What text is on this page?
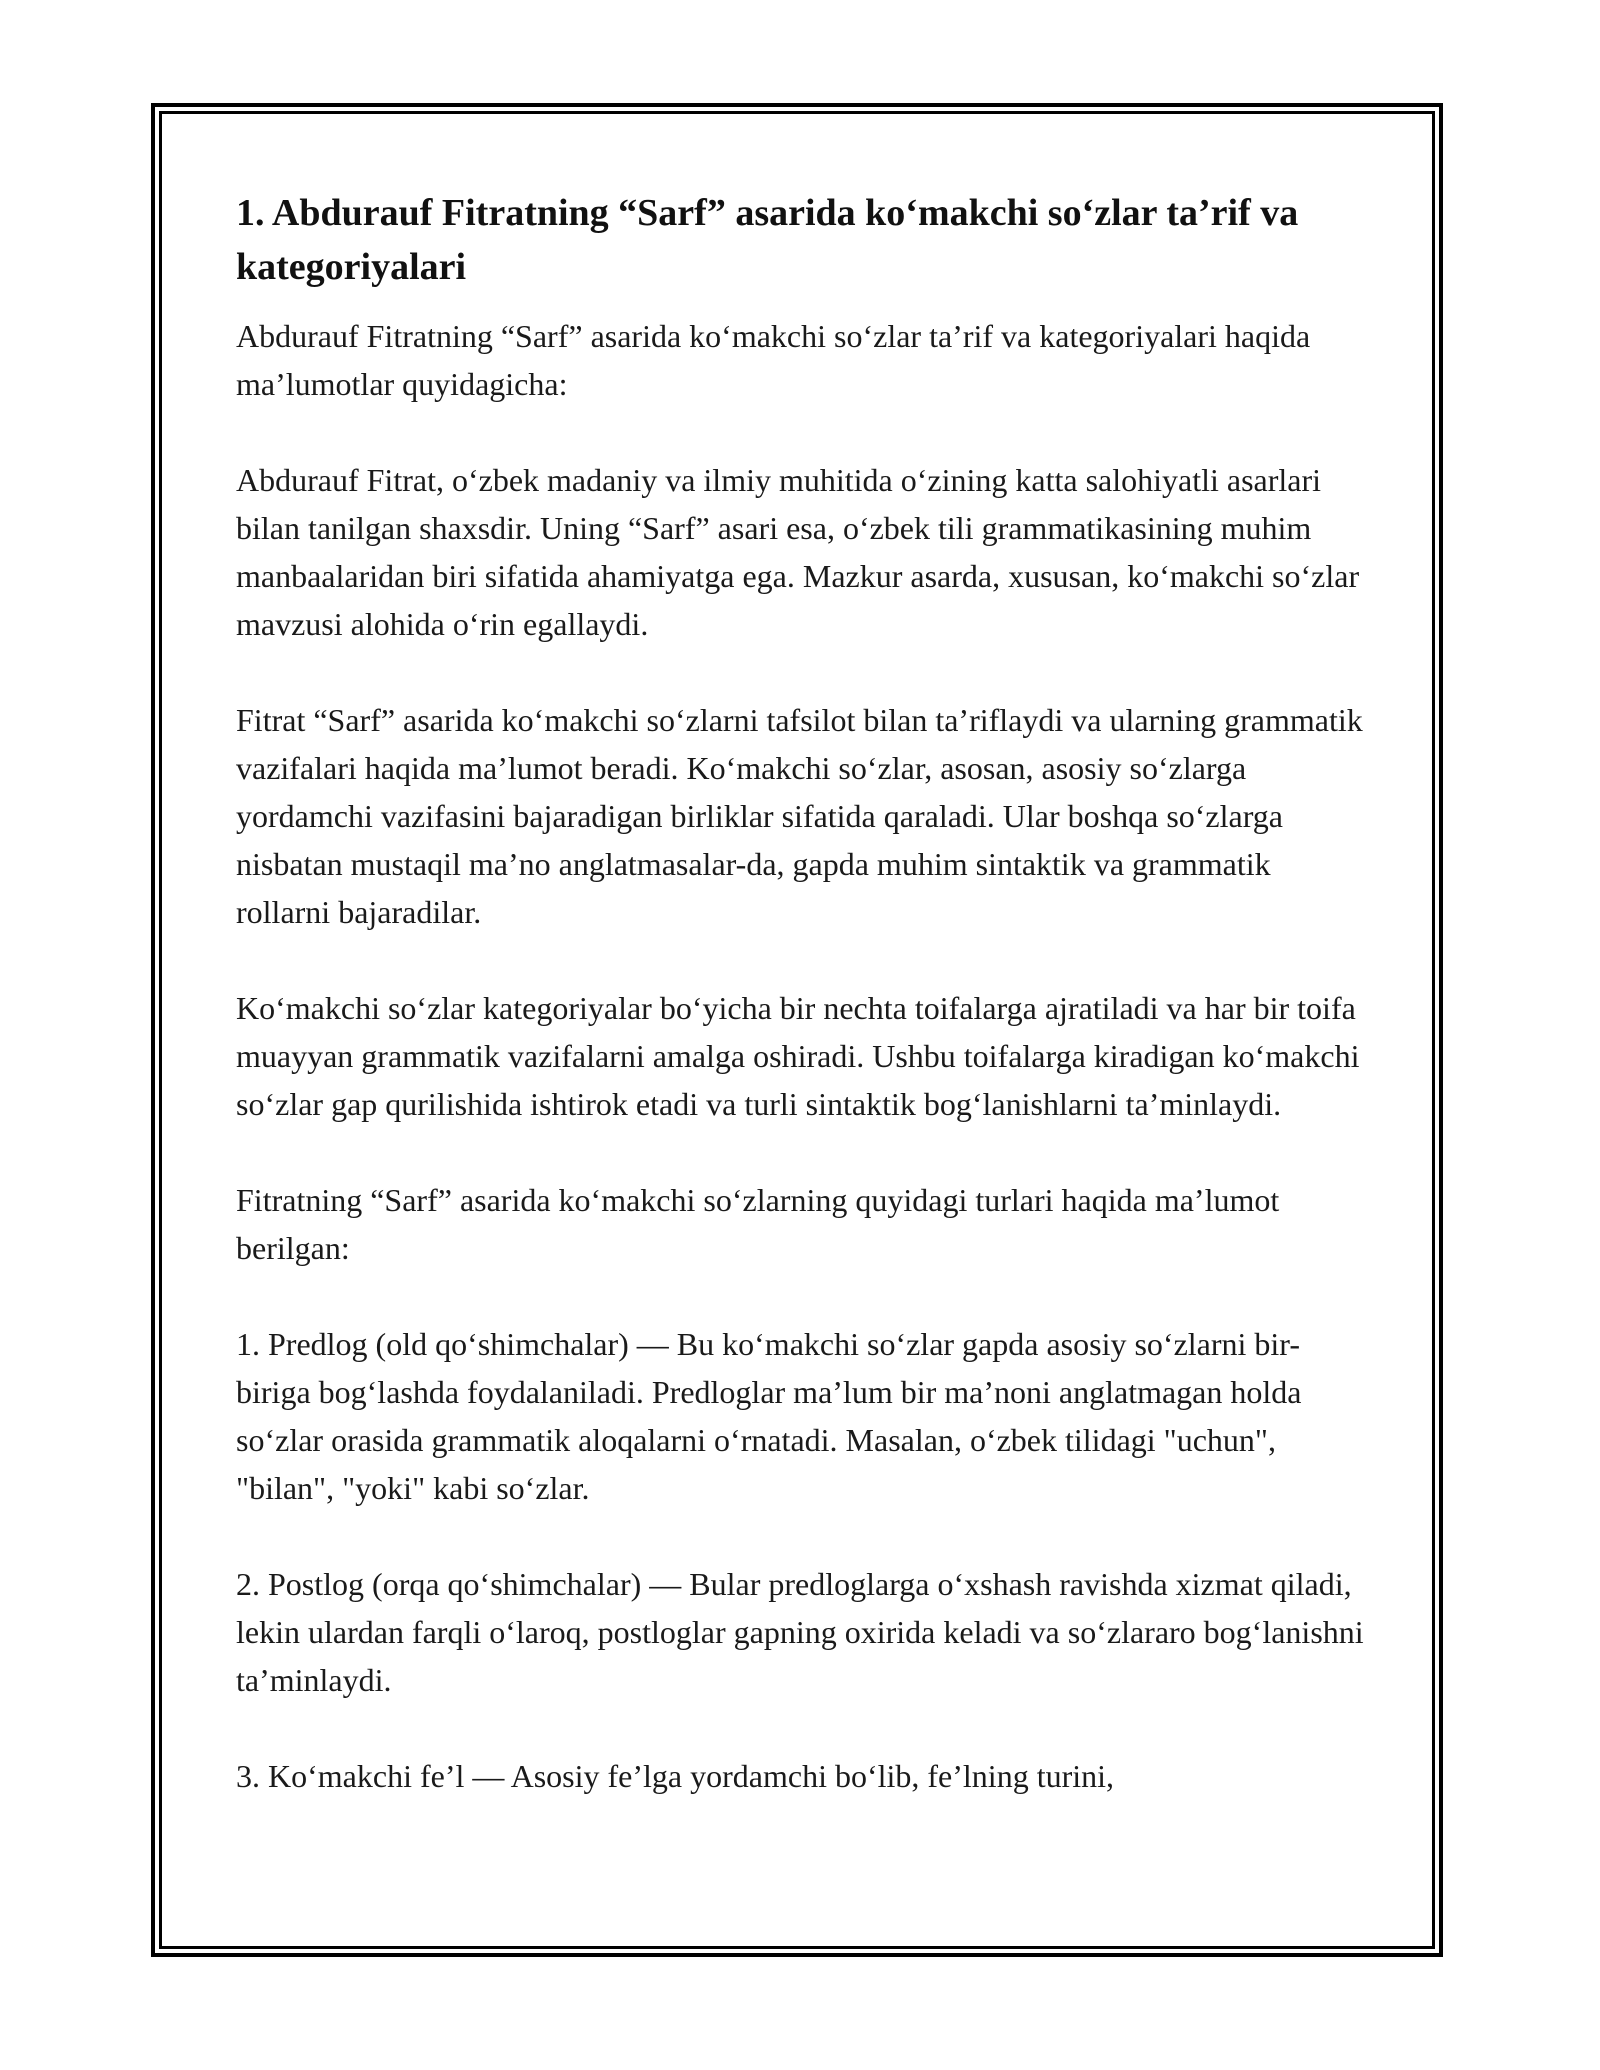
1. Abdurauf Fitratning “Sarf” asarida ko‘makchi so‘zlar ta’rif va kategoriyalari

Abdurauf Fitratning “Sarf” asarida ko‘makchi so‘zlar ta’rif va kategoriyalari haqida ma’lumotlar quyidagicha:

Abdurauf Fitrat, o‘zbek madaniy va ilmiy muhitida o‘zining katta salohiyatli asarlari bilan tanilgan shaxsdir. Uning “Sarf” asari esa, o‘zbek tili grammatikasining muhim manbaalaridan biri sifatida ahamiyatga ega. Mazkur asarda, xususan, ko‘makchi so‘zlar mavzusi alohida o‘rin egallaydi.

Fitrat “Sarf” asarida ko‘makchi so‘zlarni tafsilot bilan ta’riflaydi va ularning grammatik vazifalari haqida ma’lumot beradi. Ko‘makchi so‘zlar, asosan, asosiy so‘zlarga yordamchi vazifasini bajaradigan birliklar sifatida qaraladi. Ular boshqa so‘zlarga nisbatan mustaqil ma’no anglatmasalar-da, gapda muhim sintaktik va grammatik rollarni bajaradilar.

Ko‘makchi so‘zlar kategoriyalar bo‘yicha bir nechta toifalarga ajratiladi va har bir toifa muayyan grammatik vazifalarni amalga oshiradi. Ushbu toifalarga kiradigan ko‘makchi so‘zlar gap qurilishida ishtirok etadi va turli sintaktik bog‘lanishlarni ta’minlaydi.

Fitratning “Sarf” asarida ko‘makchi so‘zlarning quyidagi turlari haqida ma’lumot berilgan:

1. Predlog (old qo‘shimchalar) — Bu ko‘makchi so‘zlar gapda asosiy so‘zlarni bir-biriga bog‘lashda foydalaniladi. Predloglar ma’lum bir ma’noni anglatmagan holda so‘zlar orasida grammatik aloqalarni o‘rnatadi. Masalan, o‘zbek tilidagi "uchun", "bilan", "yoki" kabi so‘zlar.

2. Postlog (orqa qo‘shimchalar) — Bular predloglarga o‘xshash ravishda xizmat qiladi, lekin ulardan farqli o‘laroq, postloglar gapning oxirida keladi va so‘zlararo bog‘lanishni ta’minlaydi.

3. Ko‘makchi fe’l — Asosiy fe’lga yordamchi bo‘lib, fe’lning turini,
